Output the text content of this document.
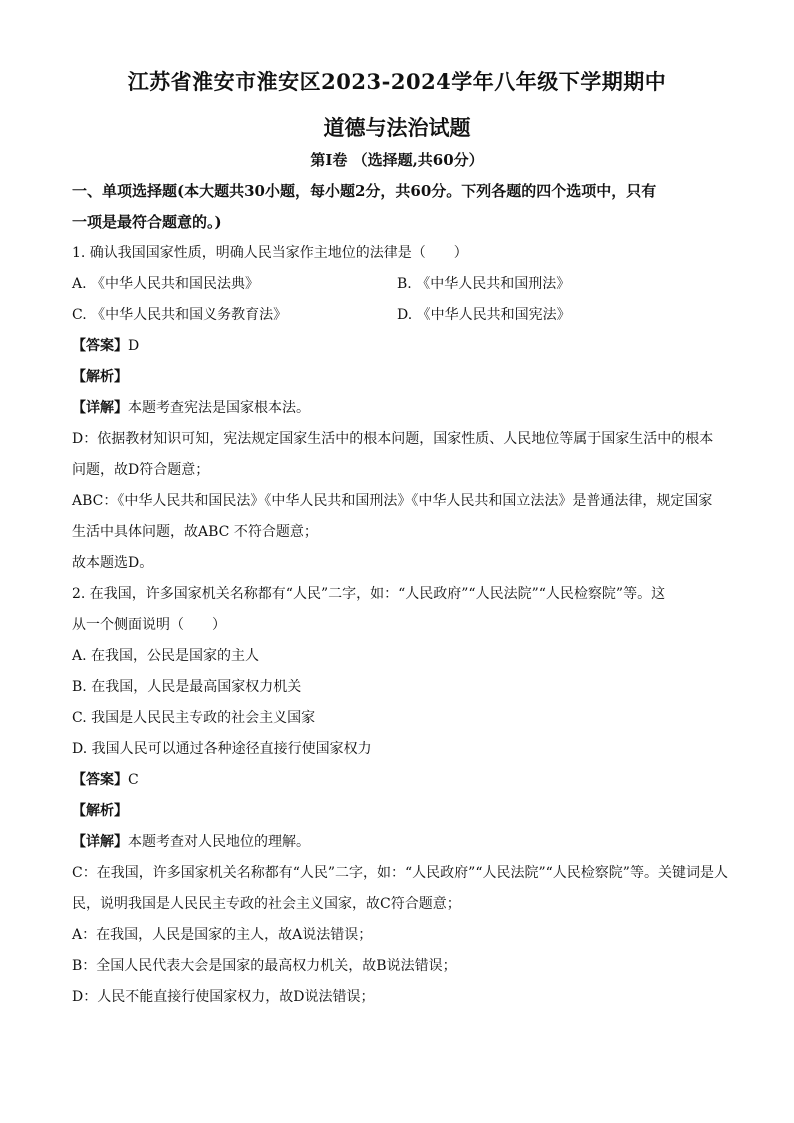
江苏省淮安市淮安区2023-2024学年八年级下学期期中
道德与法治试题
第Ⅰ卷 （选择题,共60分）
一、单项选择题(本大题共30小题，每小题2分，共60分。下列各题的四个选项中，只有
一项是最符合题意的。)
1. 确认我国国家性质，明确人民当家作主地位的法律是（　　）
A. 《中华人民共和国民法典》	B. 《中华人民共和国刑法》
C. 《中华人民共和国义务教育法》	D. 《中华人民共和国宪法》
【答案】D
【解析】
【详解】本题考查宪法是国家根本法。
D：依据教材知识可知，宪法规定国家生活中的根本问题，国家性质、人民地位等属于国家生活中的根本
问题，故D符合题意；
ABC：《中华人民共和国民法》《中华人民共和国刑法》《中华人民共和国立法法》是普通法律，规定国家
生活中具体问题，故ABC 不符合题意；
故本题选D。
2. 在我国，许多国家机关名称都有“人民”二字，如：“人民政府”“人民法院”“人民检察院”等。这
从一个侧面说明（　　）
A. 在我国，公民是国家的主人
B. 在我国，人民是最高国家权力机关
C. 我国是人民民主专政的社会主义国家
D. 我国人民可以通过各种途径直接行使国家权力
【答案】C
【解析】
【详解】本题考查对人民地位的理解。
C：在我国，许多国家机关名称都有“人民”二字，如：“人民政府”“人民法院”“人民检察院”等。关键词是人
民，说明我国是人民民主专政的社会主义国家，故C符合题意；
A：在我国，人民是国家的主人，故A说法错误；
B：全国人民代表大会是国家的最高权力机关，故B说法错误；
D：人民不能直接行使国家权力，故D说法错误；
